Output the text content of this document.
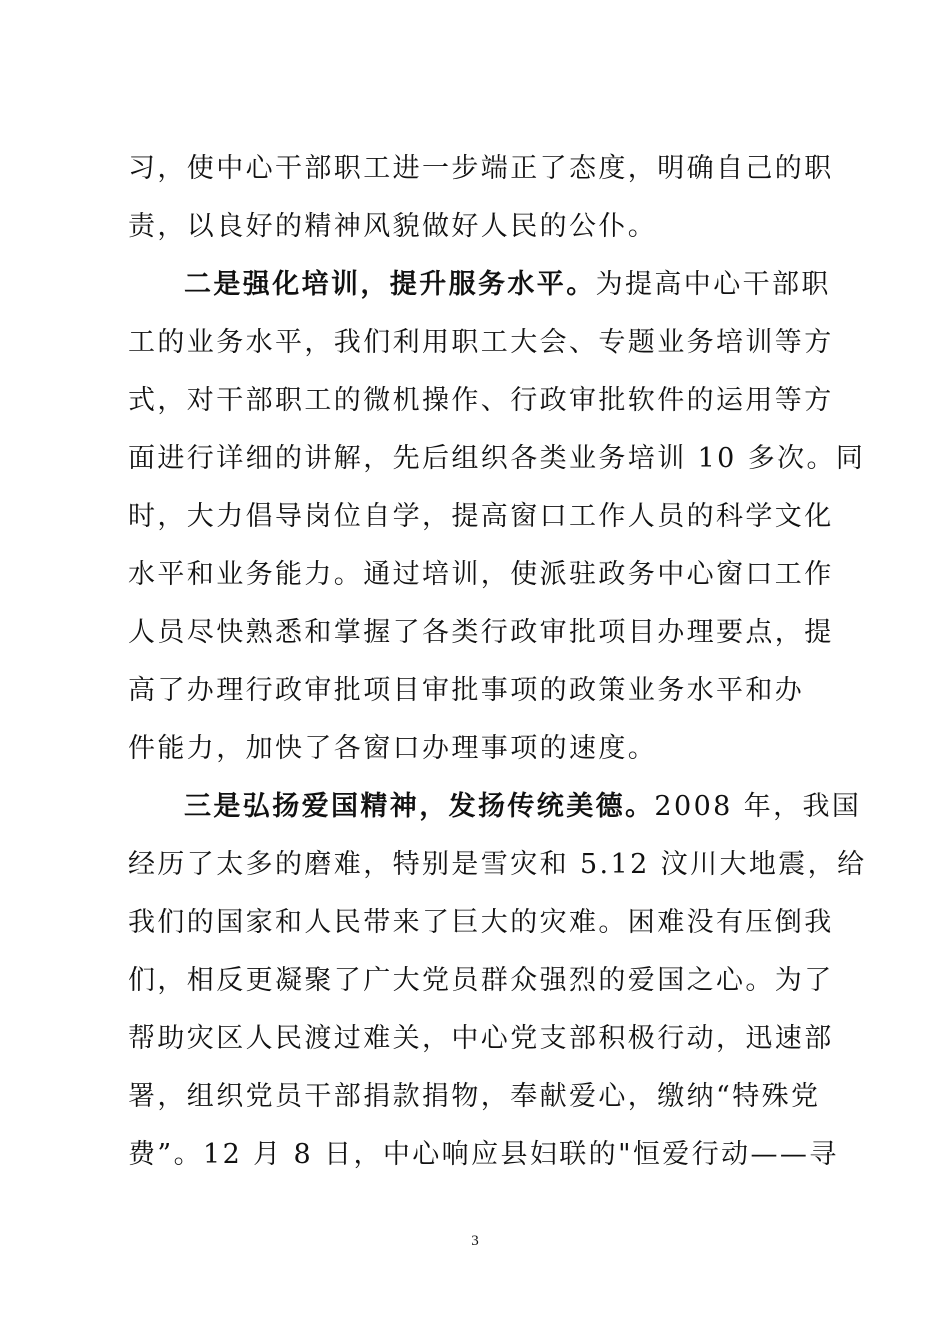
习，使中心干部职工进一步端正了态度，明确自己的职
责，以良好的精神风貌做好人民的公仆。
二是强化培训，提升服务水平。为提高中心干部职
工的业务水平，我们利用职工大会、专题业务培训等方
式，对干部职工的微机操作、行政审批软件的运用等方
面进行详细的讲解，先后组织各类业务培训 10 多次。同
时，大力倡导岗位自学，提高窗口工作人员的科学文化
水平和业务能力。通过培训，使派驻政务中心窗口工作
人员尽快熟悉和掌握了各类行政审批项目办理要点，提
高了办理行政审批项目审批事项的政策业务水平和办
件能力，加快了各窗口办理事项的速度。
三是弘扬爱国精神，发扬传统美德。2008 年，我国
经历了太多的磨难，特别是雪灾和 5.12 汶川大地震，给
我们的国家和人民带来了巨大的灾难。困难没有压倒我
们，相反更凝聚了广大党员群众强烈的爱国之心。为了
帮助灾区人民渡过难关，中心党支部积极行动，迅速部
署，组织党员干部捐款捐物，奉献爱心，缴纳“特殊党
费”。12 月 8 日，中心响应县妇联的"恒爱行动——寻
3
